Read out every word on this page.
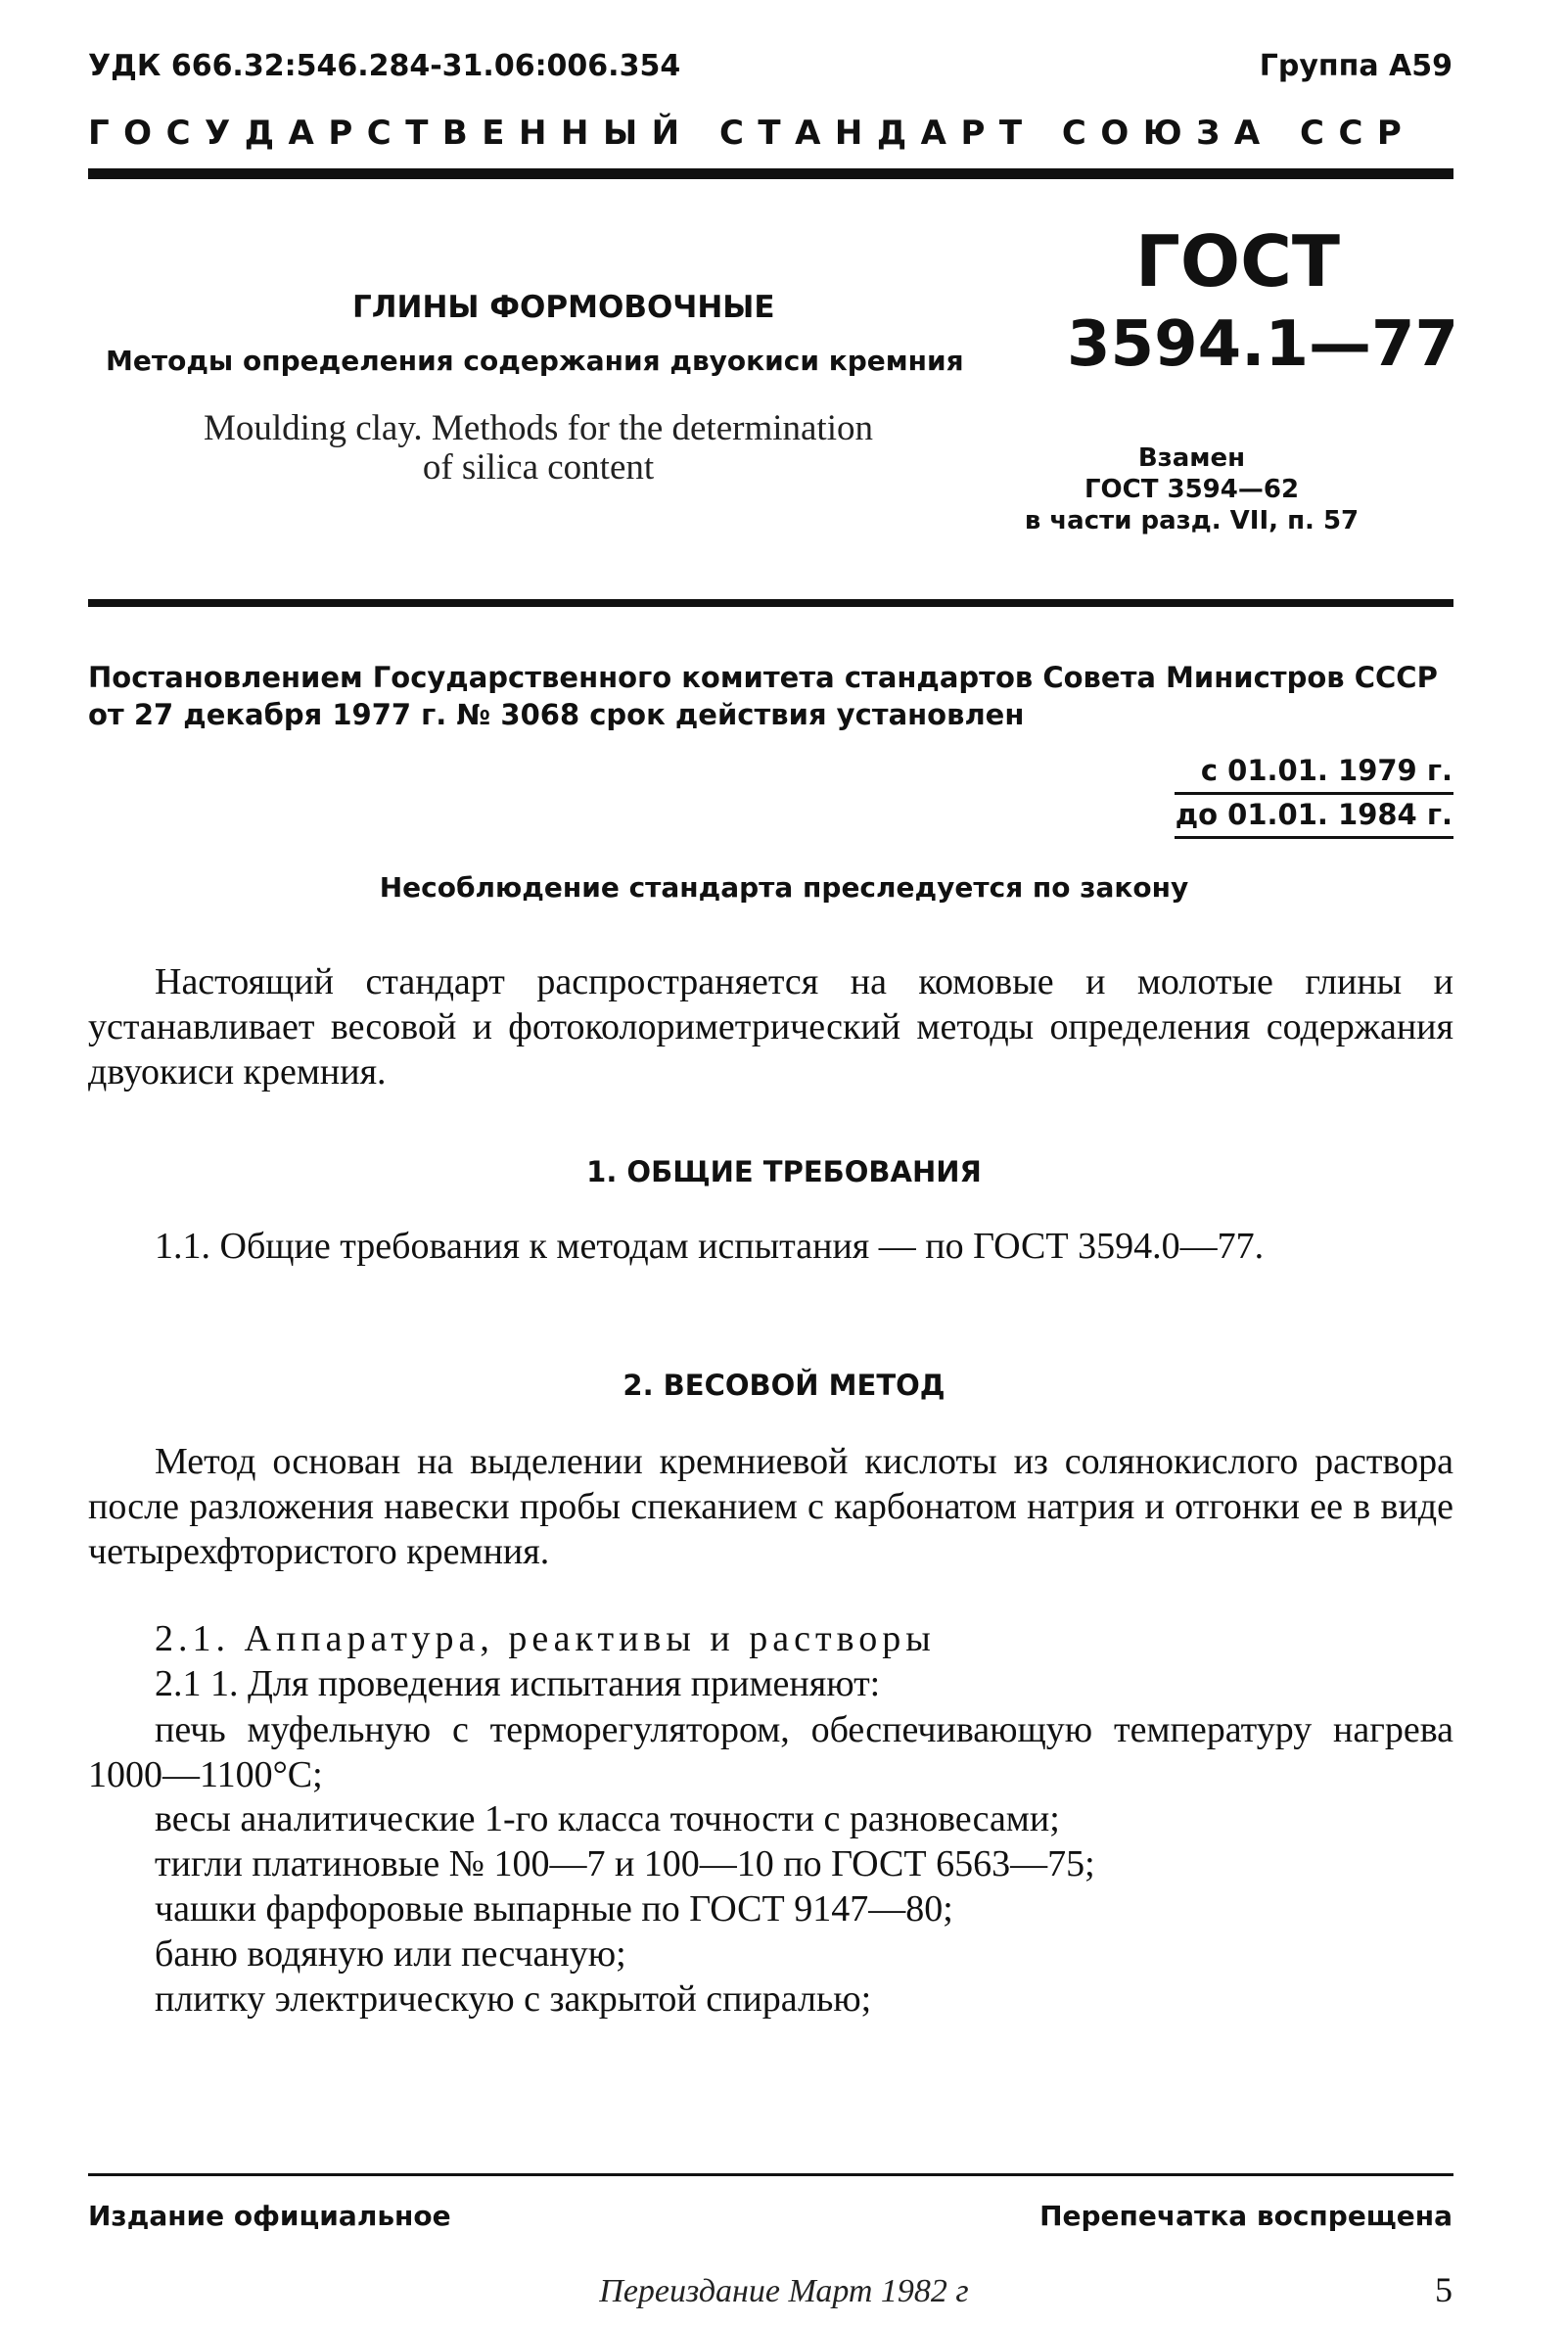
УДК 666.32:546.284-31.06:006.354	Группа А59
ГОСУДАРСТВЕННЫЙ СТАНДАРТ СОЮЗА ССР
ГЛИНЫ ФОРМОВОЧНЫЕ
Методы определения содержания двуокиси кремния
Moulding clay. Methods for the determination
of silica content
ГОСТ
3594.1—77
Взамен
ГОСТ 3594—62
в части разд. VII, п. 57
Постановлением Государственного комитета стандартов Совета Министров СССР от 27 декабря 1977 г. № 3068 срок действия установлен
с 01.01. 1979 г.
до 01.01. 1984 г.
Несоблюдение стандарта преследуется по закону
Настоящий стандарт распространяется на комовые и молотые глины и устанавливает весовой и фотоколориметрический методы определения содержания двуокиси кремния.
1. ОБЩИЕ ТРЕБОВАНИЯ
1.1. Общие требования к методам испытания — по ГОСТ 3594.0—77.
2. ВЕСОВОЙ МЕТОД
Метод основан на выделении кремниевой кислоты из солянокислого раствора после разложения навески пробы спеканием с карбонатом натрия и отгонки ее в виде четырехфтористого кремния.
2.1. Аппаратура, реактивы и растворы
2.1 1. Для проведения испытания применяют:
печь муфельную с терморегулятором, обеспечивающую температуру нагрева 1000—1100°С;
весы аналитические 1-го класса точности с разновесами;
тигли платиновые № 100—7 и 100—10 по ГОСТ 6563—75;
чашки фарфоровые выпарные по ГОСТ 9147—80;
баню водяную или песчаную;
плитку электрическую с закрытой спиралью;
Издание официальное	Перепечатка воспрещена
Переиздание Март 1982 г	5
